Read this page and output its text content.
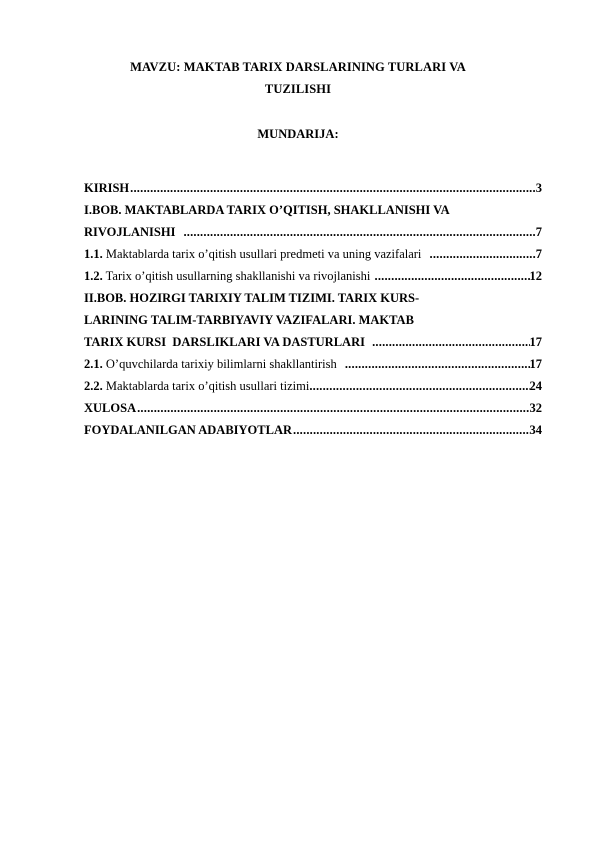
MAVZU: MAKTAB TARIX DARSLARINING TURLARI VA
TUZILISHI
MUNDARIJA:
KIRISH .....	3
I.BOB. MAKTABLARDA TARIX O’QITISH, SHAKLLANISHI VA
RIVOJLANISHI .....	7
1.1. Maktablarda tarix o’qitish usullari predmeti va uning vazifalari .....	7
1.2. Tarix o’qitish usullarning shakllanishi va rivojlanishi .....	12
II.BOB. HOZIRGI TARIXIY TALIM TIZIMI. TARIX KURS-
LARINING TALIM-TARBIYAVIY VAZIFALARI. MAKTAB
TARIX KURSI  DARSLIKLARI VA DASTURLARI .....	17
2.1. O’quvchilarda tarixiy bilimlarni shakllantirish .....	17
2.2. Maktablarda tarix o’qitish usullari tizimi .....	24
XULOSA .....	32
FOYDALANILGAN ADABIYOTLAR .....	34
